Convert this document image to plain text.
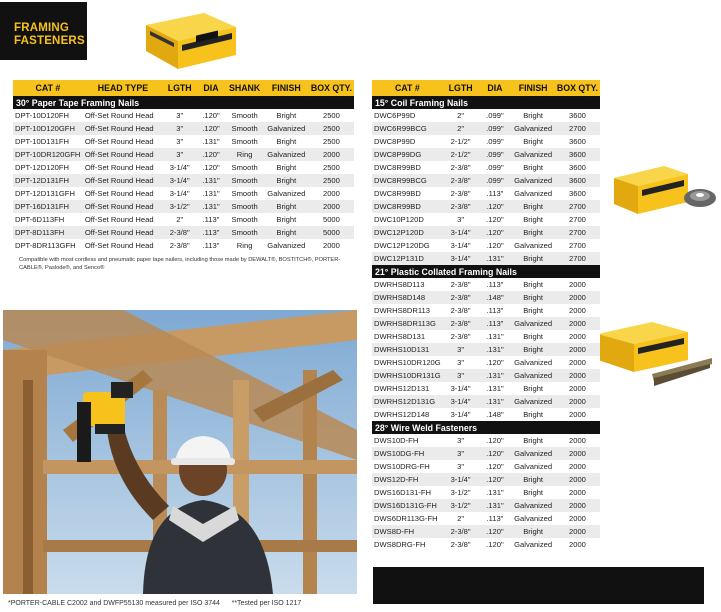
FRAMING
FASTENERS
CAT #	HEAD TYPE	LGTH	DIA	SHANK	FINISH	BOX QTY.
30° Paper Tape Framing Nails						
DPT-10D120FH	Off-Set Round Head	3"	.120"	Smooth	Bright	2500
DPT-10D120GFH	Off-Set Round Head	3"	.120"	Smooth	Galvanized	2500
DPT-10D131FH	Off-Set Round Head	3"	.131"	Smooth	Bright	2500
DPT-10DR120GFH	Off-Set Round Head	3"	.120"	Ring	Galvanized	2000
DPT-12D120FH	Off-Set Round Head	3-1/4"	.120"	Smooth	Bright	2500
DPT-12D131FH	Off-Set Round Head	3-1/4"	.131"	Smooth	Bright	2500
DPT-12D131GFH	Off-Set Round Head	3-1/4"	.131"	Smooth	Galvanized	2000
DPT-16D131FH	Off-Set Round Head	3-1/2"	.131"	Smooth	Bright	2000
DPT-6D113FH	Off-Set Round Head	2"	.113"	Smooth	Bright	5000
DPT-8D113FH	Off-Set Round Head	2-3/8"	.113"	Smooth	Bright	5000
DPT-8DR113GFH	Off-Set Round Head	2-3/8"	.113"	Ring	Galvanized	2000
Compatible with most cordless and pneumatic paper tape nailers, including those made by DEWALT®, BOSTITCH®, PORTER-CABLE®, Paslode®, and Senco®
CAT #	LGTH	DIA	FINISH	BOX QTY.
15° Coil Framing Nails				
DWC6P99D	2"	.099"	Bright	3600
DWC6R99BCG	2"	.099"	Galvanized	2700
DWC8P99D	2-1/2"	.099"	Bright	3600
DWC8P99DG	2-1/2"	.099"	Galvanized	3600
DWC8R99BD	2-3/8"	.099"	Bright	3600
DWC8R99BCG	2-3/8"	.099"	Galvanized	3600
DWC8R99BD	2-3/8"	.113"	Galvanized	3600
DWC8R99BD	2-3/8"	.120"	Bright	2700
DWC10P120D	3"	.120"	Bright	2700
DWC12P120D	3-1/4"	.120"	Bright	2700
DWC12P120DG	3-1/4"	.120"	Galvanized	2700
DWC12P131D	3-1/4"	.131"	Bright	2700
21° Plastic Collated Framing Nails				
DWRHS8D113	2-3/8"	.113"	Bright	2000
DWRHS8D148	2-3/8"	.148"	Bright	2000
DWRHS8DR113	2-3/8"	.113"	Bright	2000
DWRHS8DR113G	2-3/8"	.113"	Galvanized	2000
DWRHS8D131	2-3/8"	.131"	Bright	2000
DWRHS10D131	3"	.131"	Bright	2000
DWRHS10DR120G	3"	.120"	Galvanized	2000
DWRHS10DR131G	3"	.131"	Galvanized	2000
DWRHS12D131	3-1/4"	.131"	Bright	2000
DWRHS12D131G	3-1/4"	.131"	Galvanized	2000
DWRHS12D148	3-1/4"	.148"	Bright	2000
28° Wire Weld Fasteners				
DWS10D-FH	3"	.120"	Bright	2000
DWS10DG-FH	3"	.120"	Galvanized	2000
DWS10DRG-FH	3"	.120"	Galvanized	2000
DWS12D-FH	3-1/4"	.120"	Bright	2000
DWS16D131-FH	3-1/2"	.131"	Bright	2000
DWS16D131G-FH	3-1/2"	.131"	Galvanized	2000
DWS6DR113G-FH	2"	.113"	Galvanized	2000
DWS8D-FH	2-3/8"	.120"	Bright	2000
DWS8DRG-FH	2-3/8"	.120"	Galvanized	2000
*PORTER-CABLE C2002 and DWFP55130 measured per ISO 3744 **Tested per ISO 1217
